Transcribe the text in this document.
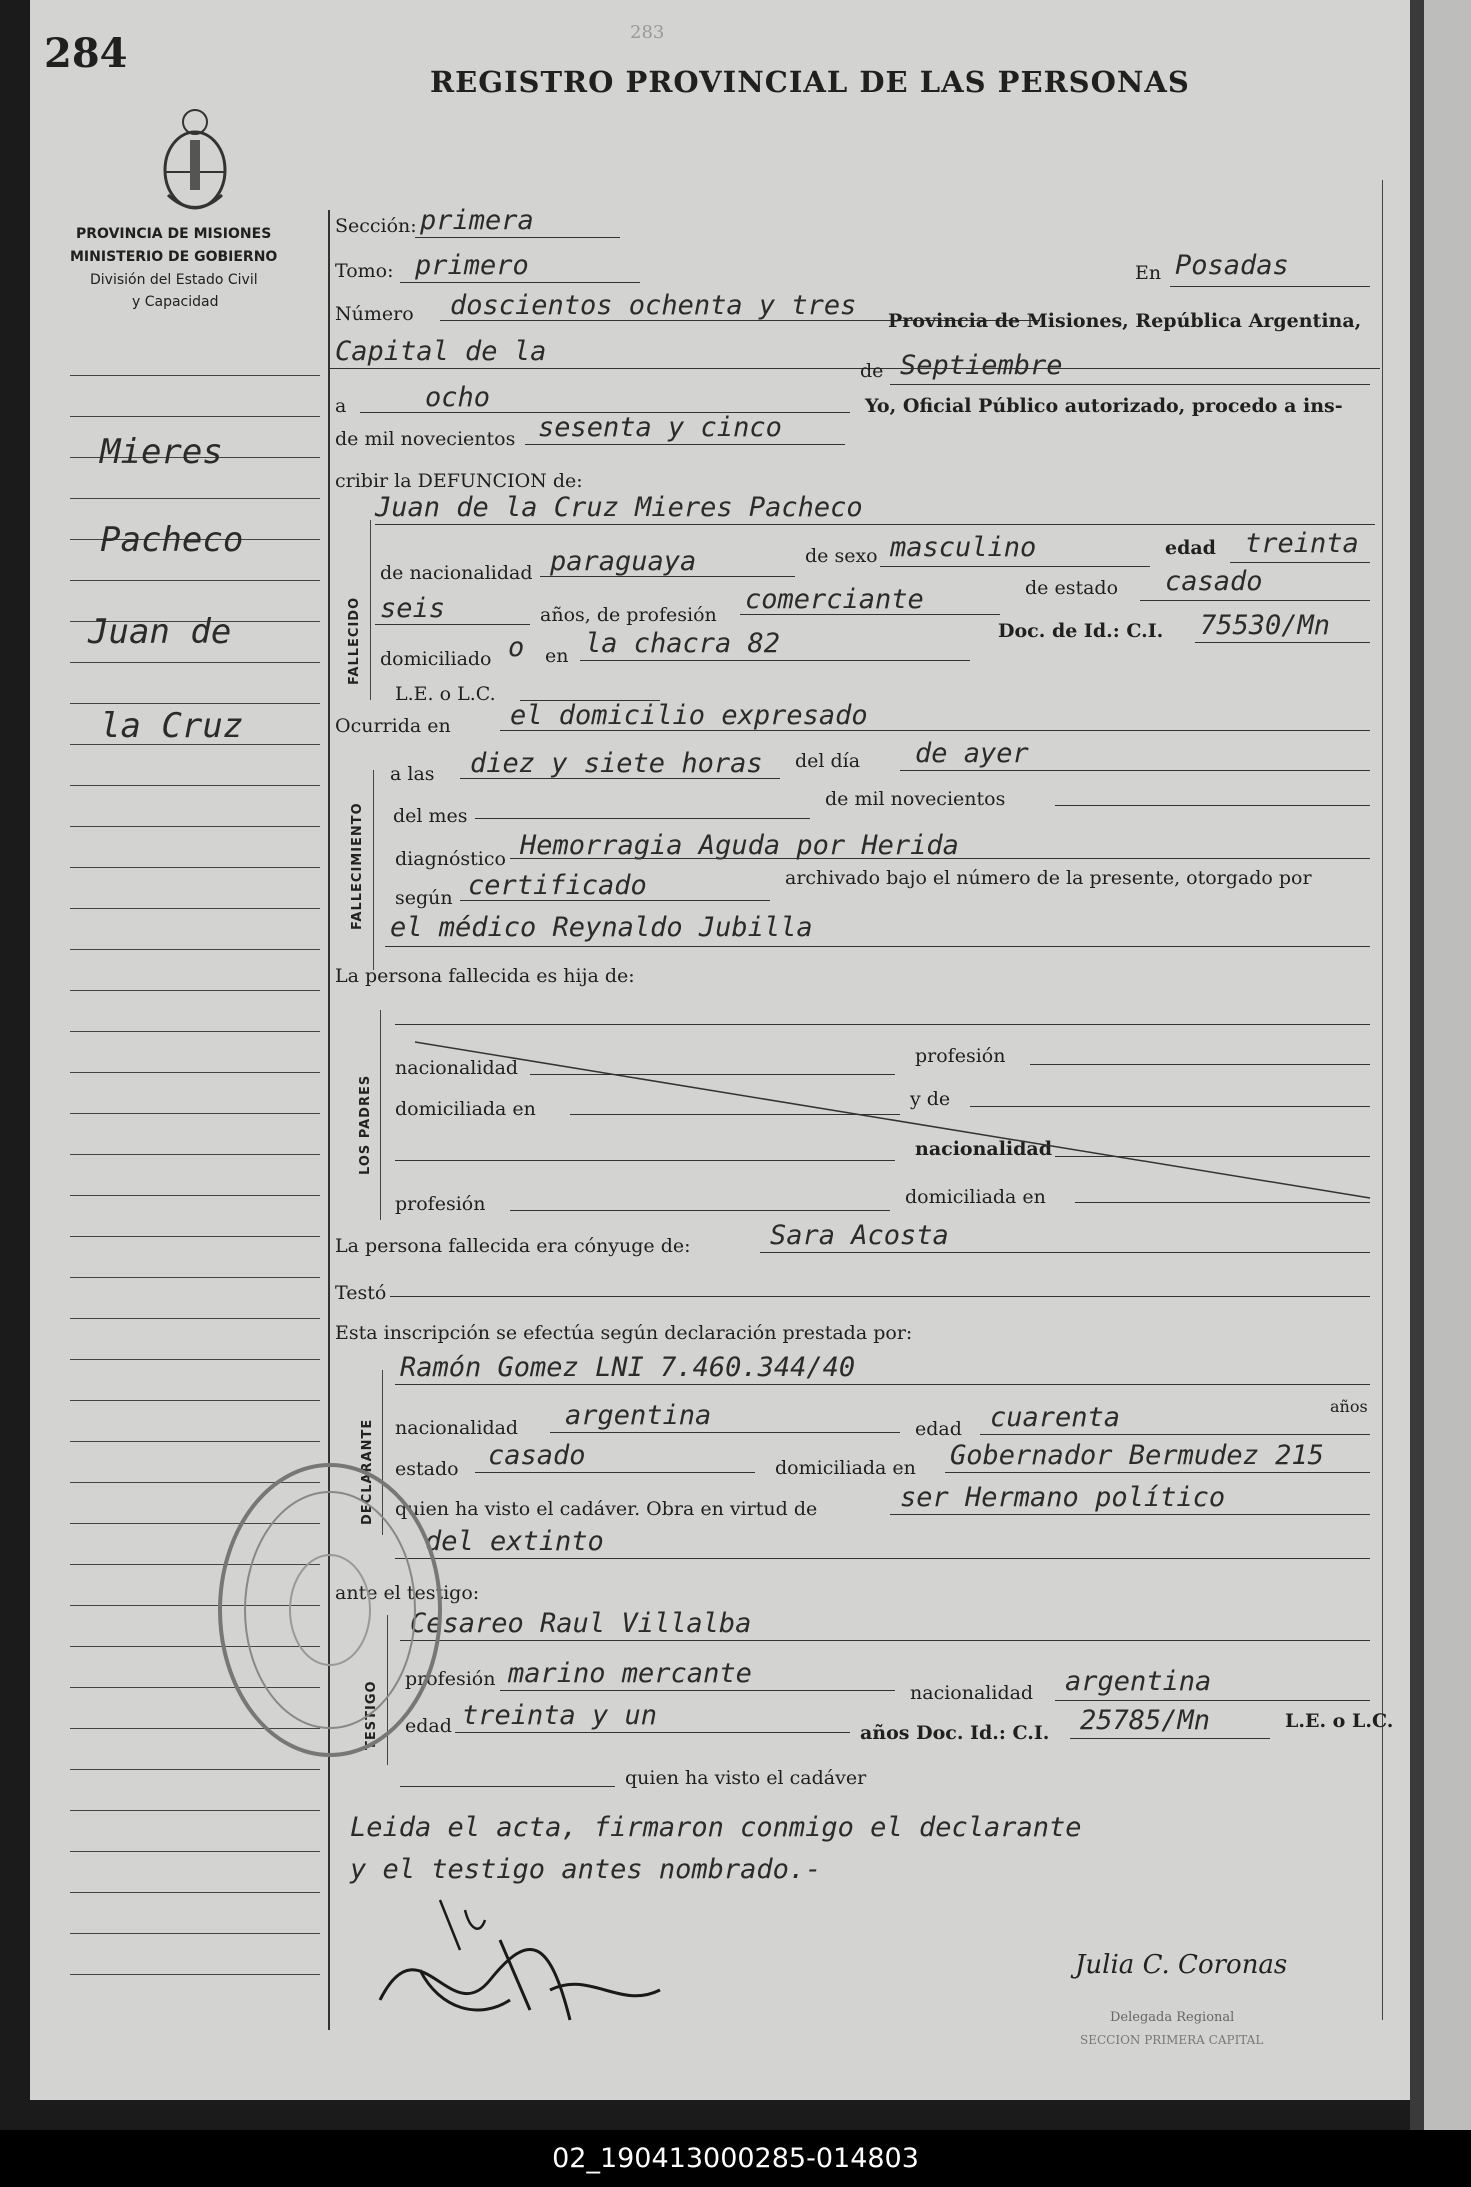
284	283
REGISTRO PROVINCIAL DE LAS PERSONAS
PROVINCIA DE MISIONES
MINISTERIO DE GOBIERNO
División del Estado Civil
y Capacidad
Mieres
Pacheco
Juan de
la Cruz
Sección: primera
Tomo: primero	En Posadas
Número doscientos ochenta y tres Provincia de Misiones, República Argentina,
Capital de la
de Septiembre
a	ocho	Yo, Oficial Público autorizado, procedo a ins-
de mil novecientos sesenta y cinco
cribir la DEFUNCION de:
FALLECIDO
Juan de la Cruz Mieres Pacheco
de nacionalidad paraguaya	de sexo masculino	edad treinta
seis	años, de profesión comerciante	de estado casado
domiciliado o en la chacra 82	Doc. de Id.: C.I. 75530/Mn
L.E. o L.C.
Ocurrida en el domicilio expresado
FALLECIMIENTO
a las diez y siete horas del día de ayer
del mes
de mil novecientos
diagnóstico Hemorragia Aguda por Herida
según certificado	archivado bajo el número de la presente, otorgado por
el médico Reynaldo Jubilla
La persona fallecida es hija de:
LOS PADRES
nacionalidad
profesión
domiciliada en	y de
nacionalidad
profesión	domiciliada en
La persona fallecida era cónyuge de:	Sara Acosta
Testó
Esta inscripción se efectúa según declaración prestada por:
DECLARANTE
Ramón Gomez LNI 7.460.344/40
nacionalidad argentina	edad cuarenta	años
estado casado	domiciliada en Gobernador Bermudez 215
quien ha visto el cadáver. Obra en virtud de	ser Hermano político
del extinto
ante el testigo:
TESTIGO
Cesareo Raul Villalba
profesión marino mercante
nacionalidad argentina
edad treinta y un
años Doc. Id.: C.I. 25785/Mn	L.E. o L.C.
quien ha visto el cadáver
Leida el acta, firmaron conmigo el declarante
y el testigo antes nombrado.-
Julia C. Coronas
Delegada Regional
SECCION PRIMERA CAPITAL
02_190413000285-014803
